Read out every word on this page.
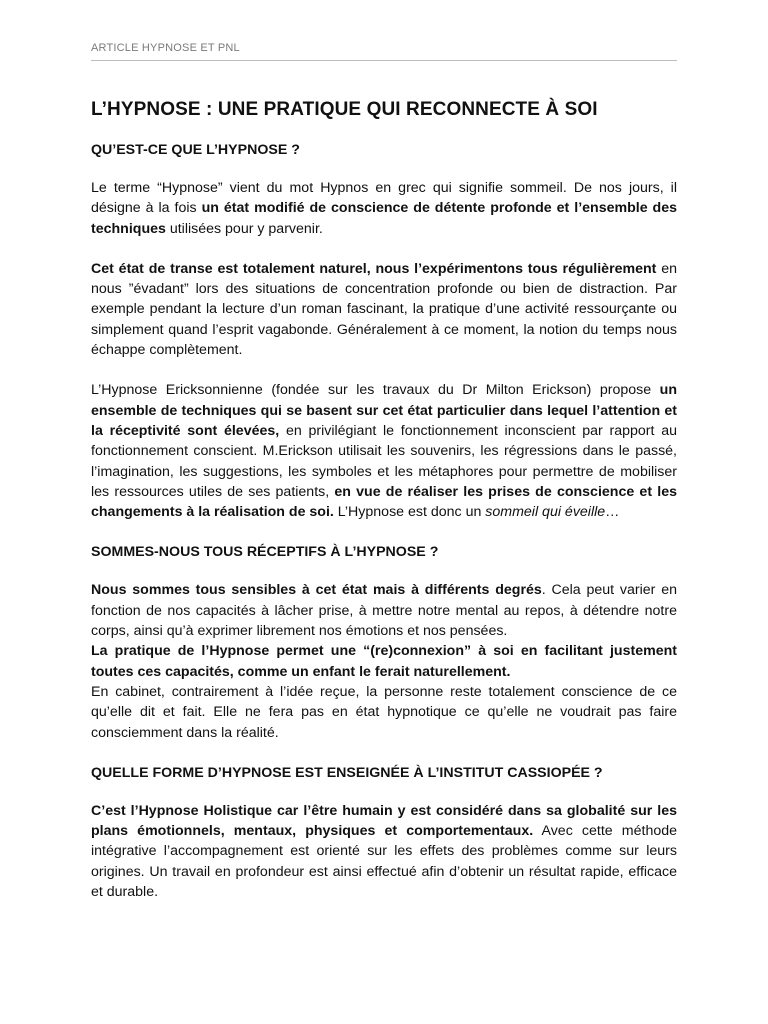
ARTICLE HYPNOSE ET PNL
L’HYPNOSE : UNE PRATIQUE QUI RECONNECTE À SOI
QU’EST-CE QUE L’HYPNOSE ?

Le terme “Hypnose” vient du mot Hypnos en grec qui signifie sommeil. De nos jours, il désigne à la fois un état modifié de conscience de détente profonde et l’ensemble des techniques utilisées pour y parvenir.

Cet état de transe est totalement naturel, nous l’expérimentons tous régulièrement en nous ”évadant” lors des situations de concentration profonde ou bien de distraction. Par exemple pendant la lecture d’un roman fascinant, la pratique d’une activité ressourçante ou simplement quand l’esprit vagabonde. Généralement à ce moment, la notion du temps nous échappe complètement.

L’Hypnose Ericksonnienne (fondée sur les travaux du Dr Milton Erickson) propose un ensemble de techniques qui se basent sur cet état particulier dans lequel l’attention et la réceptivité sont élevées, en privilégiant le fonctionnement inconscient par rapport au fonctionnement conscient. M.Erickson utilisait les souvenirs, les régressions dans le passé, l’imagination, les suggestions, les symboles et les métaphores pour permettre de mobiliser les ressources utiles de ses patients, en vue de réaliser les prises de conscience et les changements à la réalisation de soi. L’Hypnose est donc un sommeil qui éveille…

SOMMES-NOUS TOUS RÉCEPTIFS À L’HYPNOSE ?

Nous sommes tous sensibles à cet état mais à différents degrés. Cela peut varier en fonction de nos capacités à lâcher prise, à mettre notre mental au repos, à détendre notre corps, ainsi qu’à exprimer librement nos émotions et nos pensées.

La pratique de l’Hypnose permet une “(re)connexion” à soi en facilitant justement toutes ces capacités, comme un enfant le ferait naturellement.

En cabinet, contrairement à l’idée reçue, la personne reste totalement conscience de ce qu’elle dit et fait. Elle ne fera pas en état hypnotique ce qu’elle ne voudrait pas faire consciemment dans la réalité.

QUELLE FORME D’HYPNOSE EST ENSEIGNÉE À L’INSTITUT CASSIOPÉE ?

C’est l’Hypnose Holistique car l’être humain y est considéré dans sa globalité sur les plans émotionnels, mentaux, physiques et comportementaux. Avec cette méthode intégrative l’accompagnement est orienté sur les effets des problèmes comme sur leurs origines. Un travail en profondeur est ainsi effectué afin d’obtenir un résultat rapide, efficace et durable.
